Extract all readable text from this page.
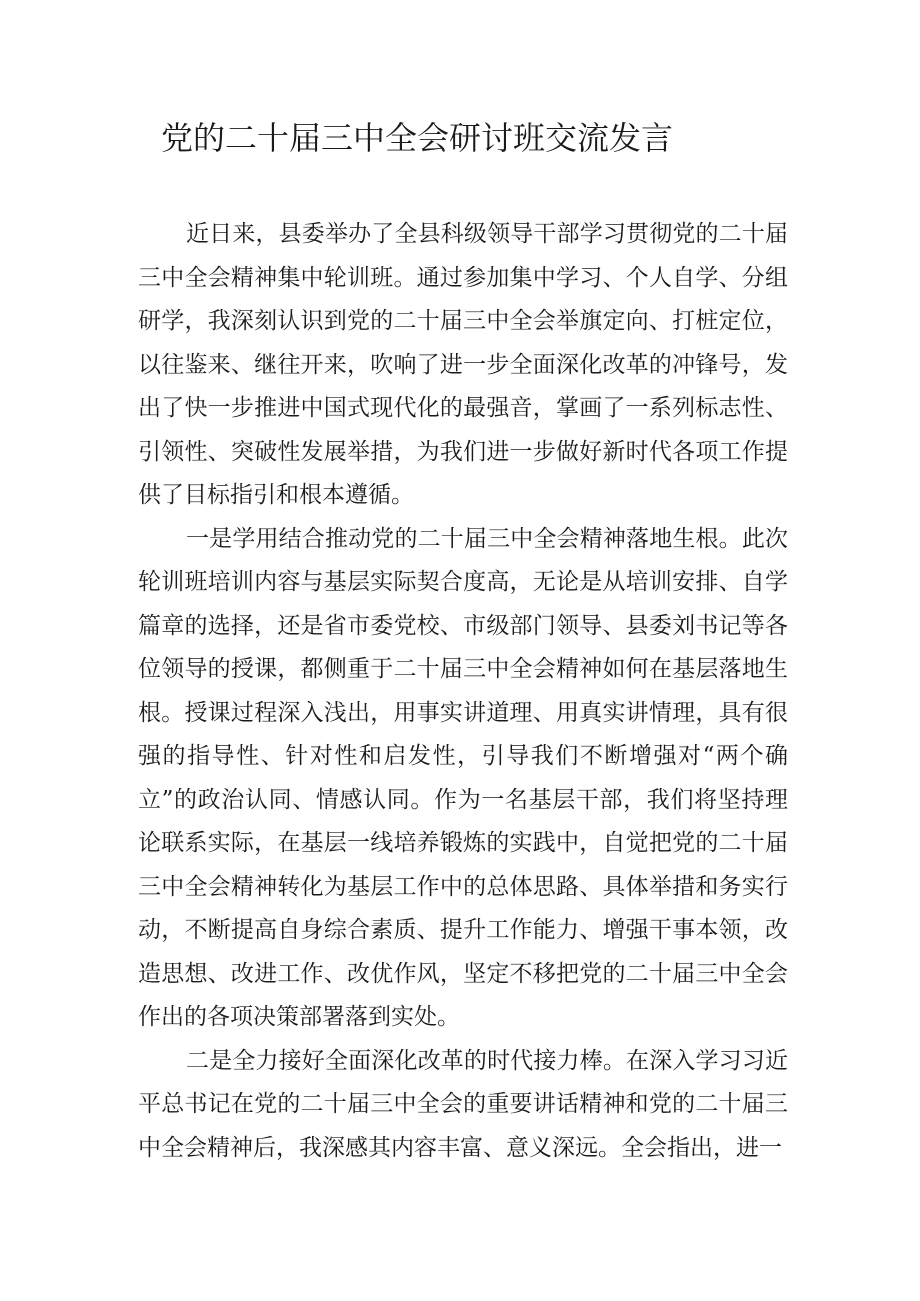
党的二十届三中全会研讨班交流发言

近日来，县委举办了全县科级领导干部学习贯彻党的二十届三中全会精神集中轮训班。通过参加集中学习、个人自学、分组研学，我深刻认识到党的二十届三中全会举旗定向、打桩定位，以往鉴来、继往开来，吹响了进一步全面深化改革的冲锋号，发出了快一步推进中国式现代化的最强音，掌画了一系列标志性、引领性、突破性发展举措，为我们进一步做好新时代各项工作提供了目标指引和根本遵循。

一是学用结合推动党的二十届三中全会精神落地生根。此次轮训班培训内容与基层实际契合度高，无论是从培训安排、自学篇章的选择，还是省市委党校、市级部门领导、县委刘书记等各位领导的授课，都侧重于二十届三中全会精神如何在基层落地生根。授课过程深入浅出，用事实讲道理、用真实讲情理，具有很强的指导性、针对性和启发性，引导我们不断增强对“两个确立”的政治认同、情感认同。作为一名基层干部，我们将坚持理论联系实际，在基层一线培养锻炼的实践中，自觉把党的二十届三中全会精神转化为基层工作中的总体思路、具体举措和务实行动，不断提高自身综合素质、提升工作能力、增强干事本领，改造思想、改进工作、改优作风，坚定不移把党的二十届三中全会作出的各项决策部署落到实处。

二是全力接好全面深化改革的时代接力棒。在深入学习习近平总书记在党的二十届三中全会的重要讲话精神和党的二十届三中全会精神后，我深感其内容丰富、意义深远。全会指出，进一
